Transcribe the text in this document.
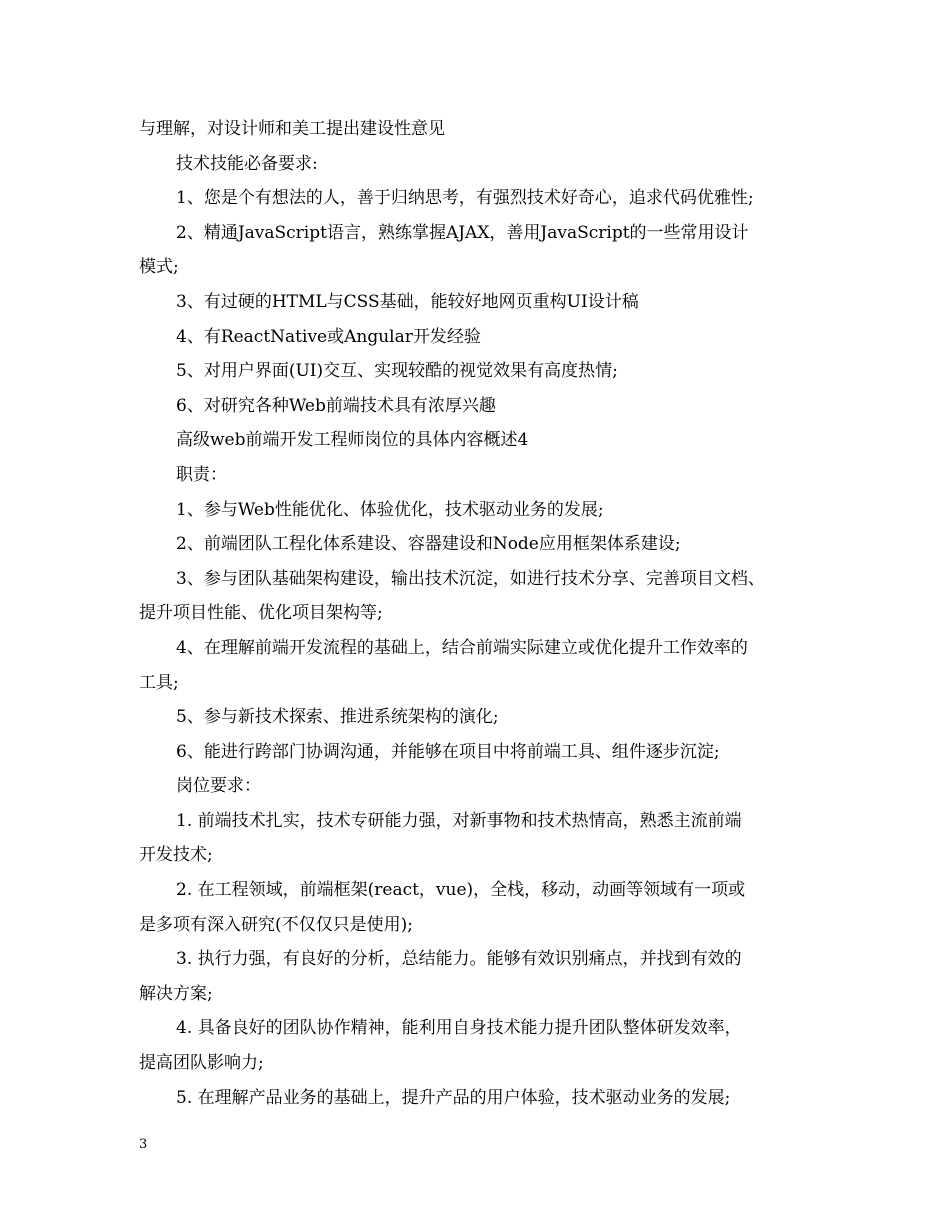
与理解，对设计师和美工提出建设性意见
技术技能必备要求:
1、您是个有想法的人，善于归纳思考，有强烈技术好奇心，追求代码优雅性;
2、精通JavaScript语言，熟练掌握AJAX，善用JavaScript的一些常用设计
模式;
3、有过硬的HTML与CSS基础，能较好地网页重构UI设计稿
4、有ReactNative或Angular开发经验
5、对用户界面(UI)交互、实现较酷的视觉效果有高度热情;
6、对研究各种Web前端技术具有浓厚兴趣
高级web前端开发工程师岗位的具体内容概述4
职责：
1、参与Web性能优化、体验优化，技术驱动业务的发展;
2、前端团队工程化体系建设、容器建设和Node应用框架体系建设;
3、参与团队基础架构建设，输出技术沉淀，如进行技术分享、完善项目文档、
提升项目性能、优化项目架构等;
4、在理解前端开发流程的基础上，结合前端实际建立或优化提升工作效率的
工具;
5、参与新技术探索、推进系统架构的演化;
6、能进行跨部门协调沟通，并能够在项目中将前端工具、组件逐步沉淀;
岗位要求：
1. 前端技术扎实，技术专研能力强，对新事物和技术热情高，熟悉主流前端
开发技术;
2. 在工程领域，前端框架(react，vue)，全栈，移动，动画等领域有一项或
是多项有深入研究(不仅仅只是使用);
3. 执行力强，有良好的分析，总结能力。能够有效识别痛点，并找到有效的
解决方案;
4. 具备良好的团队协作精神，能利用自身技术能力提升团队整体研发效率，
提高团队影响力;
5. 在理解产品业务的基础上，提升产品的用户体验，技术驱动业务的发展;
3
